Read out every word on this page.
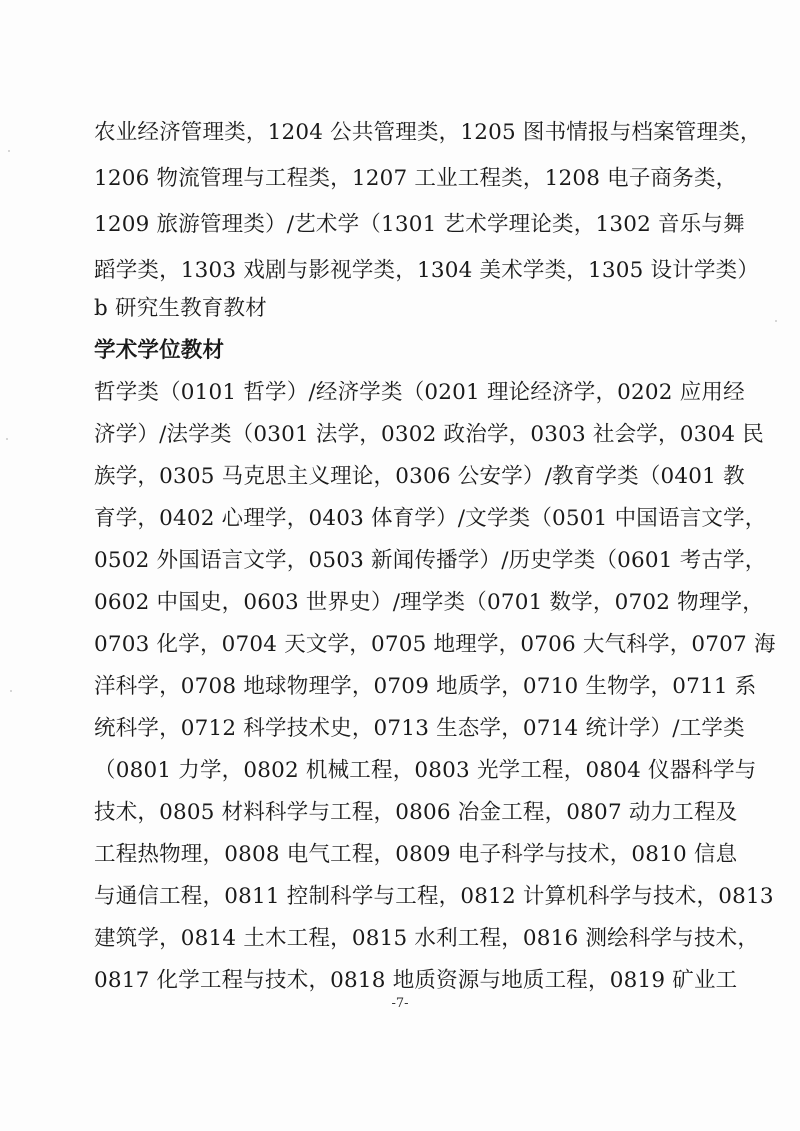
农业经济管理类，1204 公共管理类，1205 图书情报与档案管理类，
1206 物流管理与工程类，1207 工业工程类，1208 电子商务类，
1209 旅游管理类）/艺术学（1301 艺术学理论类，1302 音乐与舞
蹈学类，1303 戏剧与影视学类，1304 美术学类，1305 设计学类）
b 研究生教育教材
学术学位教材
哲学类（0101 哲学）/经济学类（0201 理论经济学，0202 应用经
济学）/法学类（0301 法学，0302 政治学，0303 社会学，0304 民
族学，0305 马克思主义理论，0306 公安学）/教育学类（0401 教
育学，0402 心理学，0403 体育学）/文学类（0501 中国语言文学，
0502 外国语言文学，0503 新闻传播学）/历史学类（0601 考古学，
0602 中国史，0603 世界史）/理学类（0701 数学，0702 物理学，
0703 化学，0704 天文学，0705 地理学，0706 大气科学，0707 海
洋科学，0708 地球物理学，0709 地质学，0710 生物学，0711 系
统科学，0712 科学技术史，0713 生态学，0714 统计学）/工学类
（0801 力学，0802 机械工程，0803 光学工程，0804 仪器科学与
技术，0805 材料科学与工程，0806 冶金工程，0807 动力工程及
工程热物理，0808 电气工程，0809 电子科学与技术，0810 信息
与通信工程，0811 控制科学与工程，0812 计算机科学与技术，0813
建筑学，0814 土木工程，0815 水利工程，0816 测绘科学与技术，
0817 化学工程与技术，0818 地质资源与地质工程，0819 矿业工
-7-
